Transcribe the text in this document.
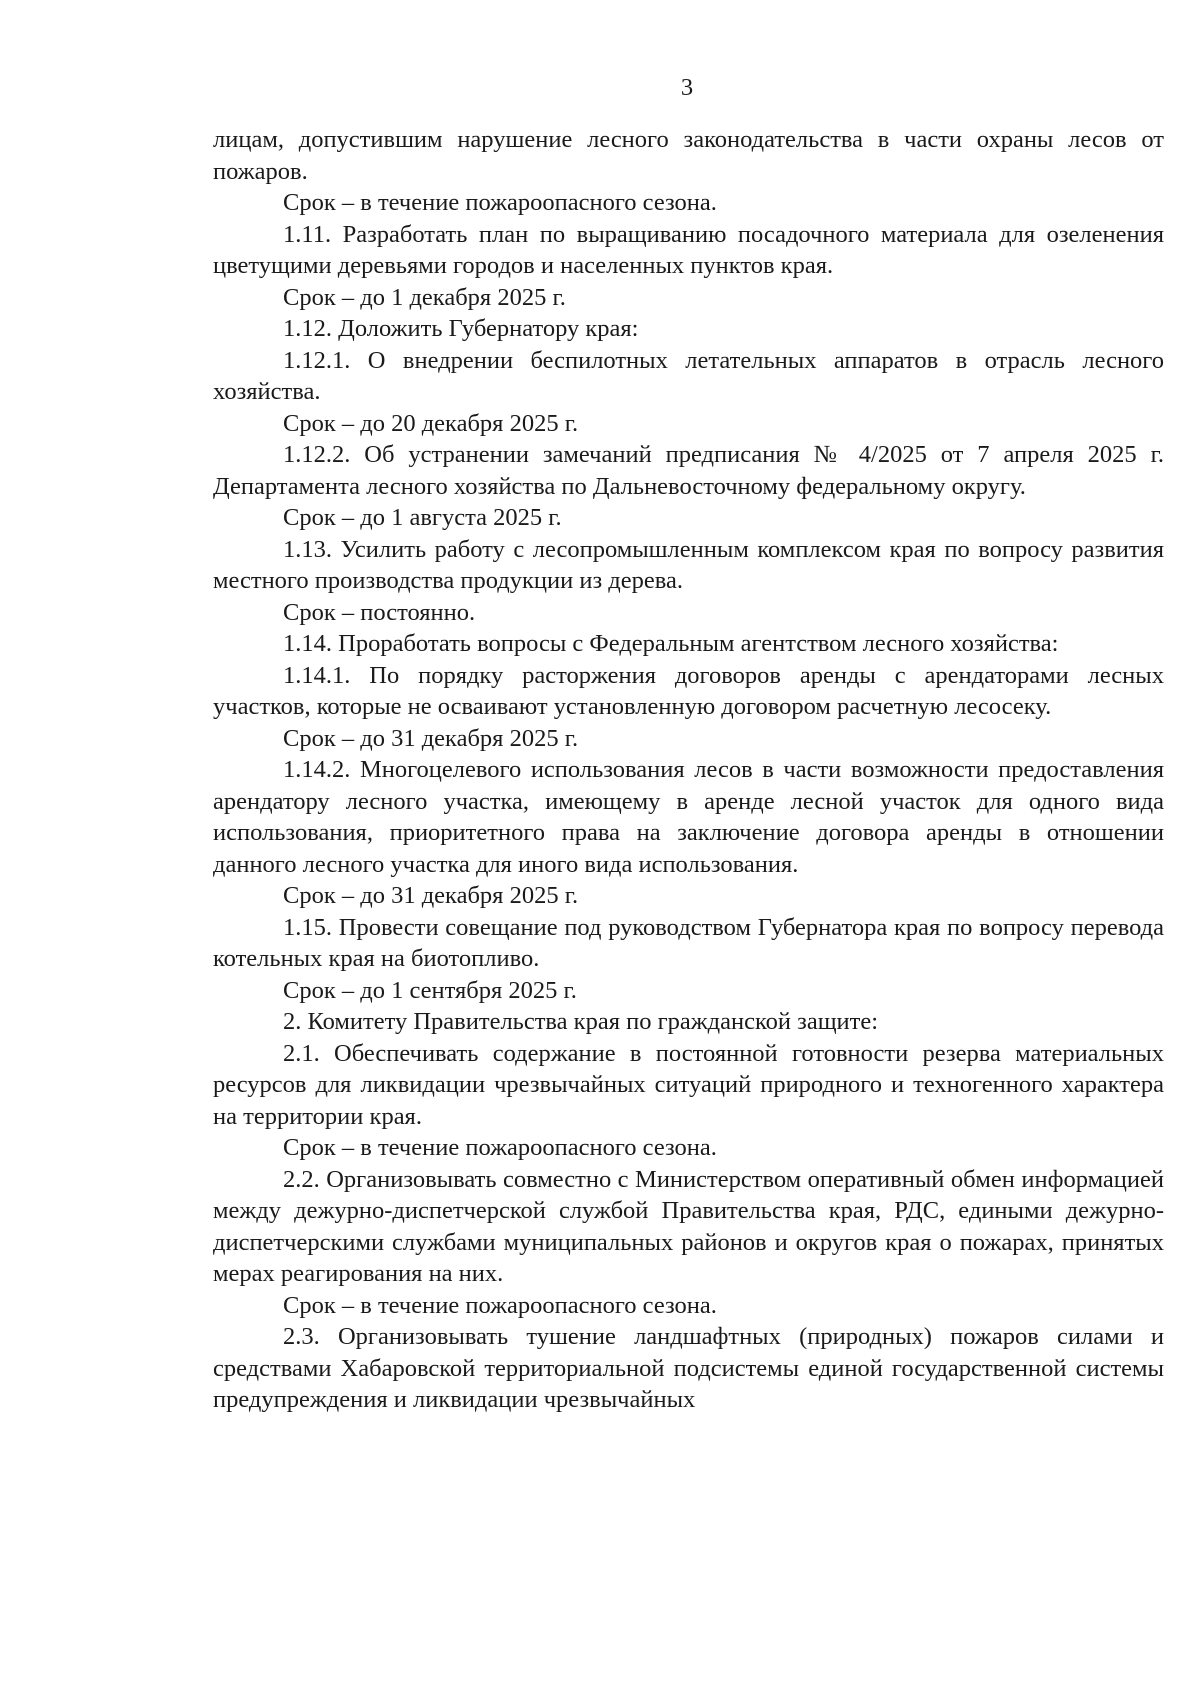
3

лицам, допустившим нарушение лесного законодательства в части охраны лесов от пожаров.

Срок – в течение пожароопасного сезона.

1.11. Разработать план по выращиванию посадочного материала для озеленения цветущими деревьями городов и населенных пунктов края.

Срок – до 1 декабря 2025 г.

1.12. Доложить Губернатору края:

1.12.1. О внедрении беспилотных летательных аппаратов в отрасль лесного хозяйства.

Срок – до 20 декабря 2025 г.

1.12.2. Об устранении замечаний предписания № 4/2025 от 7 апреля 2025 г. Департамента лесного хозяйства по Дальневосточному федеральному округу.

Срок – до 1 августа 2025 г.

1.13. Усилить работу с лесопромышленным комплексом края по вопросу развития местного производства продукции из дерева.

Срок – постоянно.

1.14. Проработать вопросы с Федеральным агентством лесного хозяйства:

1.14.1. По порядку расторжения договоров аренды с арендаторами лесных участков, которые не осваивают установленную договором расчетную лесосеку.

Срок – до 31 декабря 2025 г.

1.14.2. Многоцелевого использования лесов в части возможности предоставления арендатору лесного участка, имеющему в аренде лесной участок для одного вида использования, приоритетного права на заключение договора аренды в отношении данного лесного участка для иного вида использования.

Срок – до 31 декабря 2025 г.

1.15. Провести совещание под руководством Губернатора края по вопросу перевода котельных края на биотопливо.

Срок – до 1 сентября 2025 г.

2. Комитету Правительства края по гражданской защите:

2.1. Обеспечивать содержание в постоянной готовности резерва материальных ресурсов для ликвидации чрезвычайных ситуаций природного и техногенного характера на территории края.

Срок – в течение пожароопасного сезона.

2.2. Организовывать совместно с Министерством оперативный обмен информацией между дежурно-диспетчерской службой Правительства края, РДС, едиными дежурно-диспетчерскими службами муниципальных районов и округов края о пожарах, принятых мерах реагирования на них.

Срок – в течение пожароопасного сезона.

2.3. Организовывать тушение ландшафтных (природных) пожаров силами и средствами Хабаровской территориальной подсистемы единой государственной системы предупреждения и ликвидации чрезвычайных
